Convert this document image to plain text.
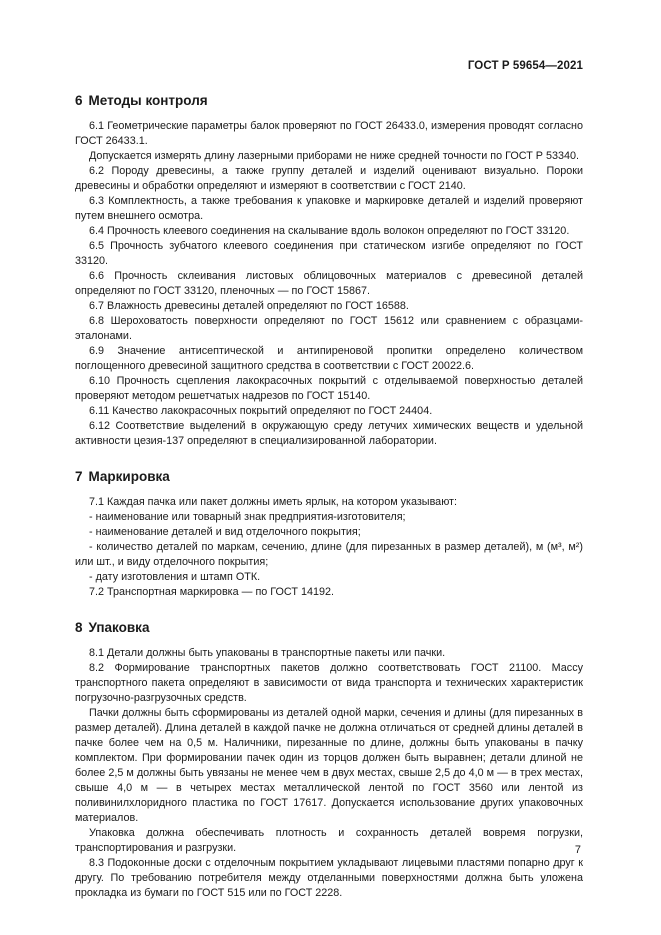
ГОСТ Р 59654—2021
6 Методы контроля

6.1 Геометрические параметры балок проверяют по ГОСТ 26433.0, измерения проводят согласно ГОСТ 26433.1.

Допускается измерять длину лазерными приборами не ниже средней точности по ГОСТ Р 53340.

6.2 Породу древесины, а также группу деталей и изделий оценивают визуально. Пороки древесины и обработки определяют и измеряют в соответствии с ГОСТ 2140.

6.3 Комплектность, а также требования к упаковке и маркировке деталей и изделий проверяют путем внешнего осмотра.

6.4 Прочность клеевого соединения на скалывание вдоль волокон определяют по ГОСТ 33120.

6.5 Прочность зубчатого клеевого соединения при статическом изгибе определяют по ГОСТ 33120.

6.6 Прочность склеивания листовых облицовочных материалов с древесиной деталей определяют по ГОСТ 33120, пленочных — по ГОСТ 15867.

6.7 Влажность древесины деталей определяют по ГОСТ 16588.

6.8 Шероховатость поверхности определяют по ГОСТ 15612 или сравнением с образцами-эталонами.

6.9 Значение антисептической и антипиреновой пропитки определено количеством поглощенного древесиной защитного средства в соответствии с ГОСТ 20022.6.

6.10 Прочность сцепления лакокрасочных покрытий с отделываемой поверхностью деталей проверяют методом решетчатых надрезов по ГОСТ 15140.

6.11 Качество лакокрасочных покрытий определяют по ГОСТ 24404.

6.12 Соответствие выделений в окружающую среду летучих химических веществ и удельной активности цезия-137 определяют в специализированной лаборатории.

7 Маркировка

7.1 Каждая пачка или пакет должны иметь ярлык, на котором указывают:

- наименование или товарный знак предприятия-изготовителя;

- наименование деталей и вид отделочного покрытия;

- количество деталей по маркам, сечению, длине (для пирезанных в размер деталей), м (м³, м²) или шт., и виду отделочного покрытия;

- дату изготовления и штамп ОТК.

7.2 Транспортная маркировка — по ГОСТ 14192.

8 Упаковка

8.1 Детали должны быть упакованы в транспортные пакеты или пачки.

8.2 Формирование транспортных пакетов должно соответствовать ГОСТ 21100. Массу транспортного пакета определяют в зависимости от вида транспорта и технических характеристик погрузочно-разгрузочных средств.

Пачки должны быть сформированы из деталей одной марки, сечения и длины (для пирезанных в размер деталей). Длина деталей в каждой пачке не должна отличаться от средней длины деталей в пачке более чем на 0,5 м. Наличники, пирезанные по длине, должны быть упакованы в пачку комплектом. При формировании пачек один из торцов должен быть выравнен; детали длиной не более 2,5 м должны быть увязаны не менее чем в двух местах, свыше 2,5 до 4,0 м — в трех местах, свыше 4,0 м — в четырех местах металлической лентой по ГОСТ 3560 или лентой из поливинилхлоридного пластика по ГОСТ 17617. Допускается использование других упаковочных материалов.

Упаковка должна обеспечивать плотность и сохранность деталей вовремя погрузки, транспортирования и разгрузки.

8.3 Подоконные доски с отделочным покрытием укладывают лицевыми пластями попарно друг к другу. По требованию потребителя между отделанными поверхностями должна быть уложена прокладка из бумаги по ГОСТ 515 или по ГОСТ 2228.

7
